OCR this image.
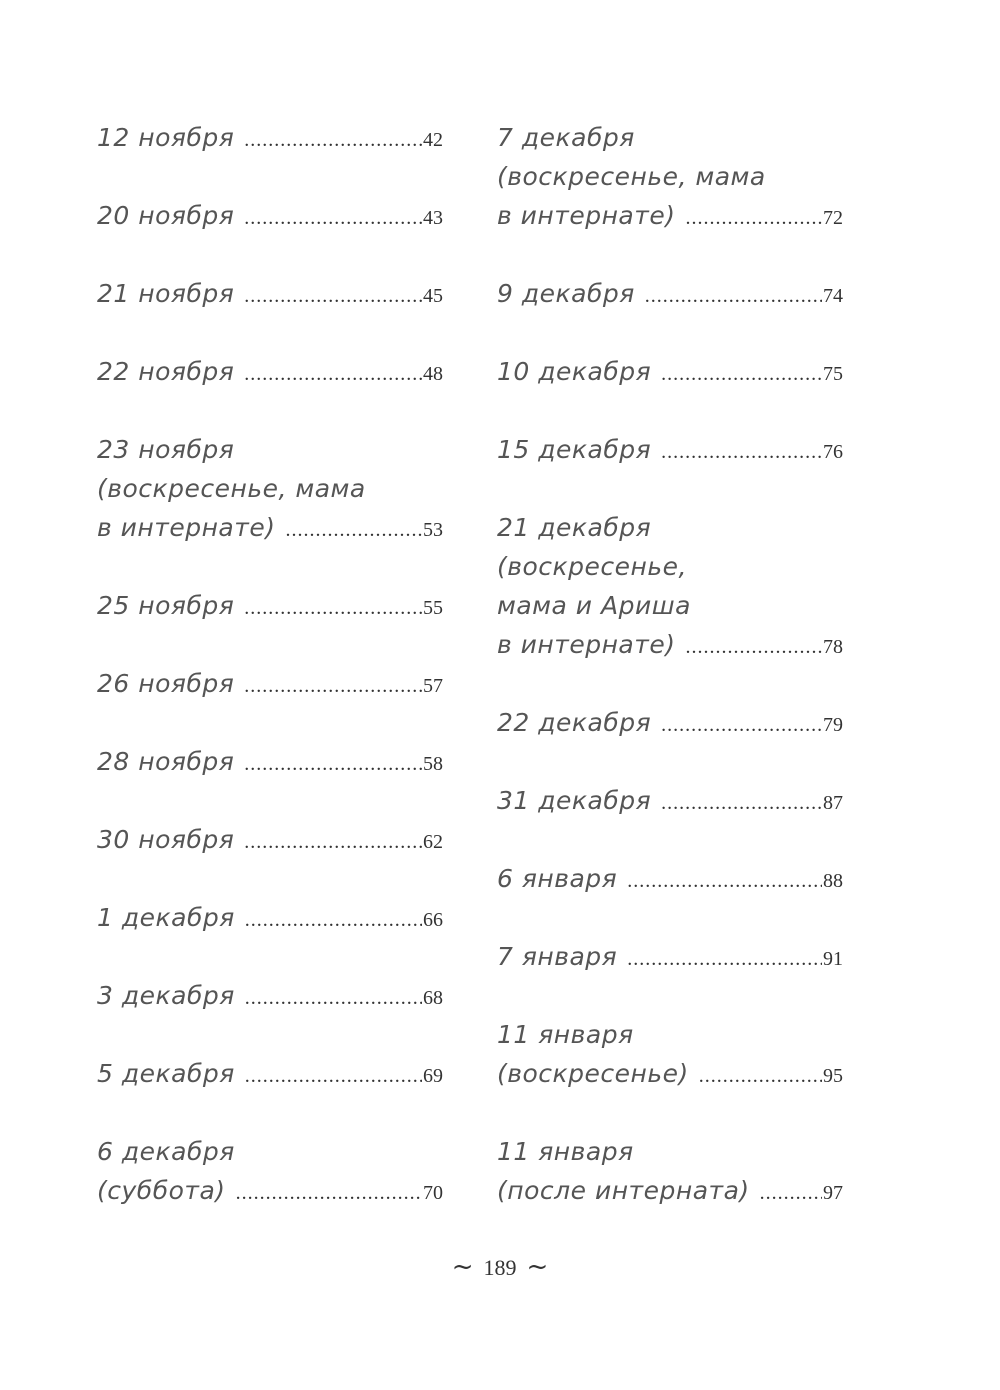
12 ноября .....	42
20 ноября .....	43
21 ноября .....	45
22 ноября .....	48
23 ноября
(воскресенье, мама
в интернате) .....	53
25 ноября .....	55
26 ноября .....	57
28 ноября .....	58
30 ноября .....	62
1 декабря .....	66
3 декабря .....	68
5 декабря .....	69
6 декабря
(суббота) .....	70
7 декабря
(воскресенье, мама
в интернате) .....	72
9 декабря .....	74
10 декабря .....	75
15 декабря .....	76
21 декабря
(воскресенье,
мама и Ариша
в интернате) .....	78
22 декабря .....	79
31 декабря .....	87
6 января .....	88
7 января .....	91
11 января
(воскресенье) .....	95
11 января
(после интерната) .....	97
~ 189 ~
